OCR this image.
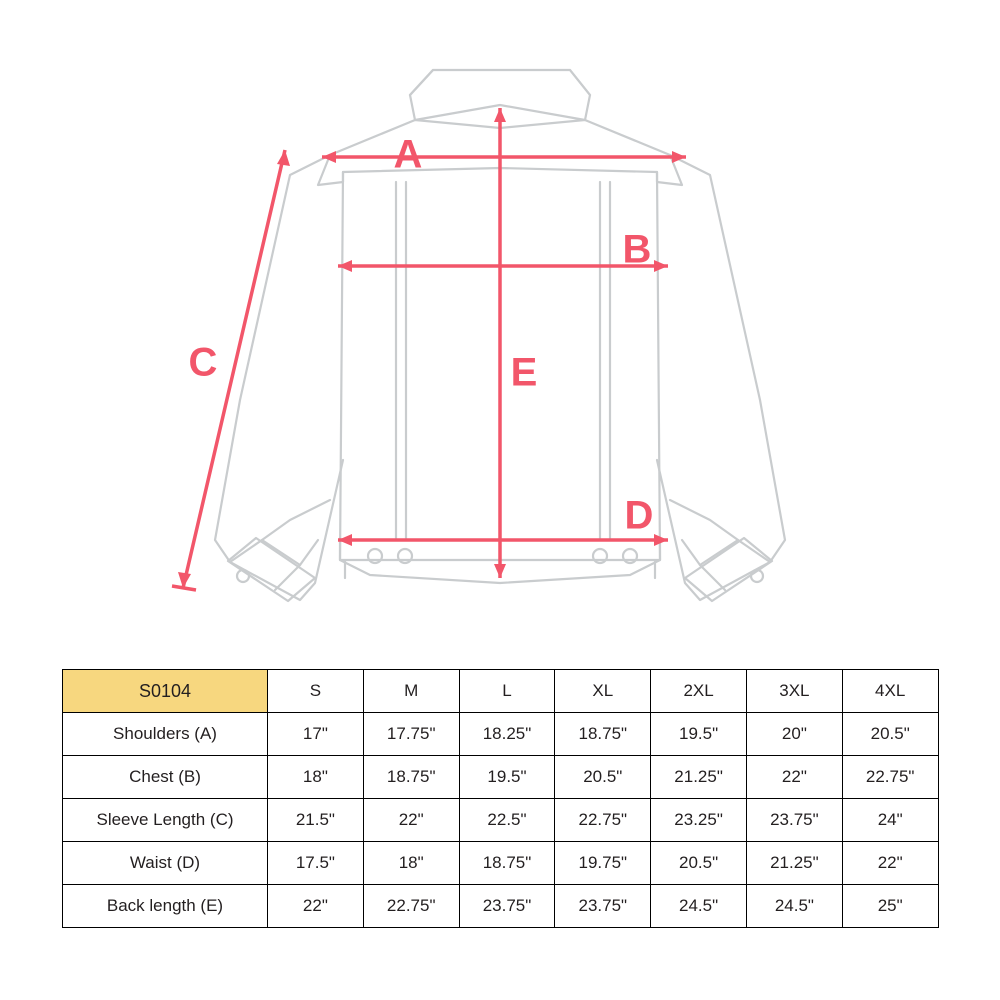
A
B
C
D
E
S0104	S	M	L	XL	2XL	3XL	4XL
Shoulders (A)	17"	17.75"	18.25"	18.75"	19.5"	20"	20.5"
Chest (B)	18"	18.75"	19.5"	20.5"	21.25"	22"	22.75"
Sleeve Length (C)	21.5"	22"	22.5"	22.75"	23.25"	23.75"	24"
Waist (D)	17.5"	18"	18.75"	19.75"	20.5"	21.25"	22"
Back length (E)	22"	22.75"	23.75"	23.75"	24.5"	24.5"	25"
